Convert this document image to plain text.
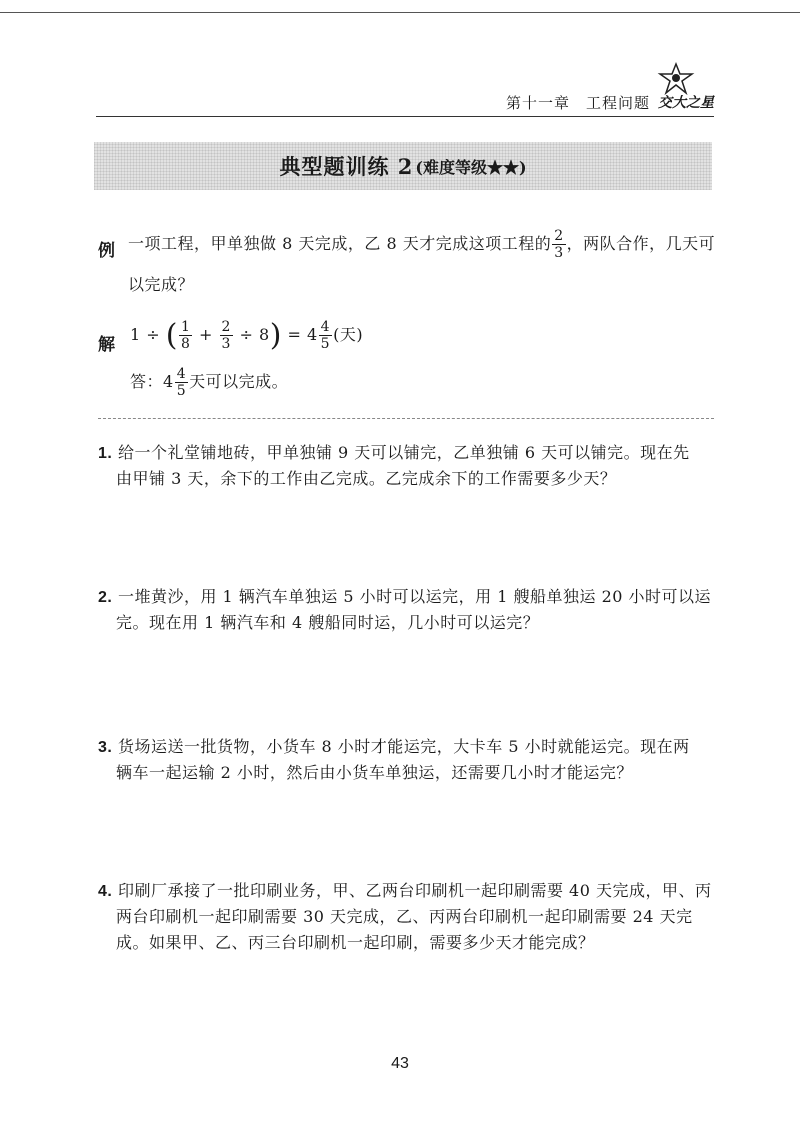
第十一章　工程问题 交大之星
典型题训练 2 (难度等级★★)
例 一项工程，甲单独做 8 天完成，乙 8 天才完成这项工程的 $\frac{2}{3}$ ，两队合作，几天可
以完成？
解
1 ÷ ( $\frac{1}{8} + \frac{2}{3} \div 8) = 4 \frac{4}{5}$ (天)
答：$4 \frac{4}{5}$ 天可以完成。
1. 给一个礼堂铺地砖，甲单独铺 9 天可以铺完，乙单独铺 6 天可以铺完。现在先
由甲铺 3 天，余下的工作由乙完成。乙完成余下的工作需要多少天？
2. 一堆黄沙，用 1 辆汽车单独运 5 小时可以运完，用 1 艘船单独运 20 小时可以运
完。现在用 1 辆汽车和 4 艘船同时运，几小时可以运完？
3. 货场运送一批货物，小货车 8 小时才能运完，大卡车 5 小时就能运完。现在两
辆车一起运输 2 小时，然后由小货车单独运，还需要几小时才能运完？
4. 印刷厂承接了一批印刷业务，甲、乙两台印刷机一起印刷需要 40 天完成，甲、丙
两台印刷机一起印刷需要 30 天完成，乙、丙两台印刷机一起印刷需要 24 天完
成。如果甲、乙、丙三台印刷机一起印刷，需要多少天才能完成？
43
